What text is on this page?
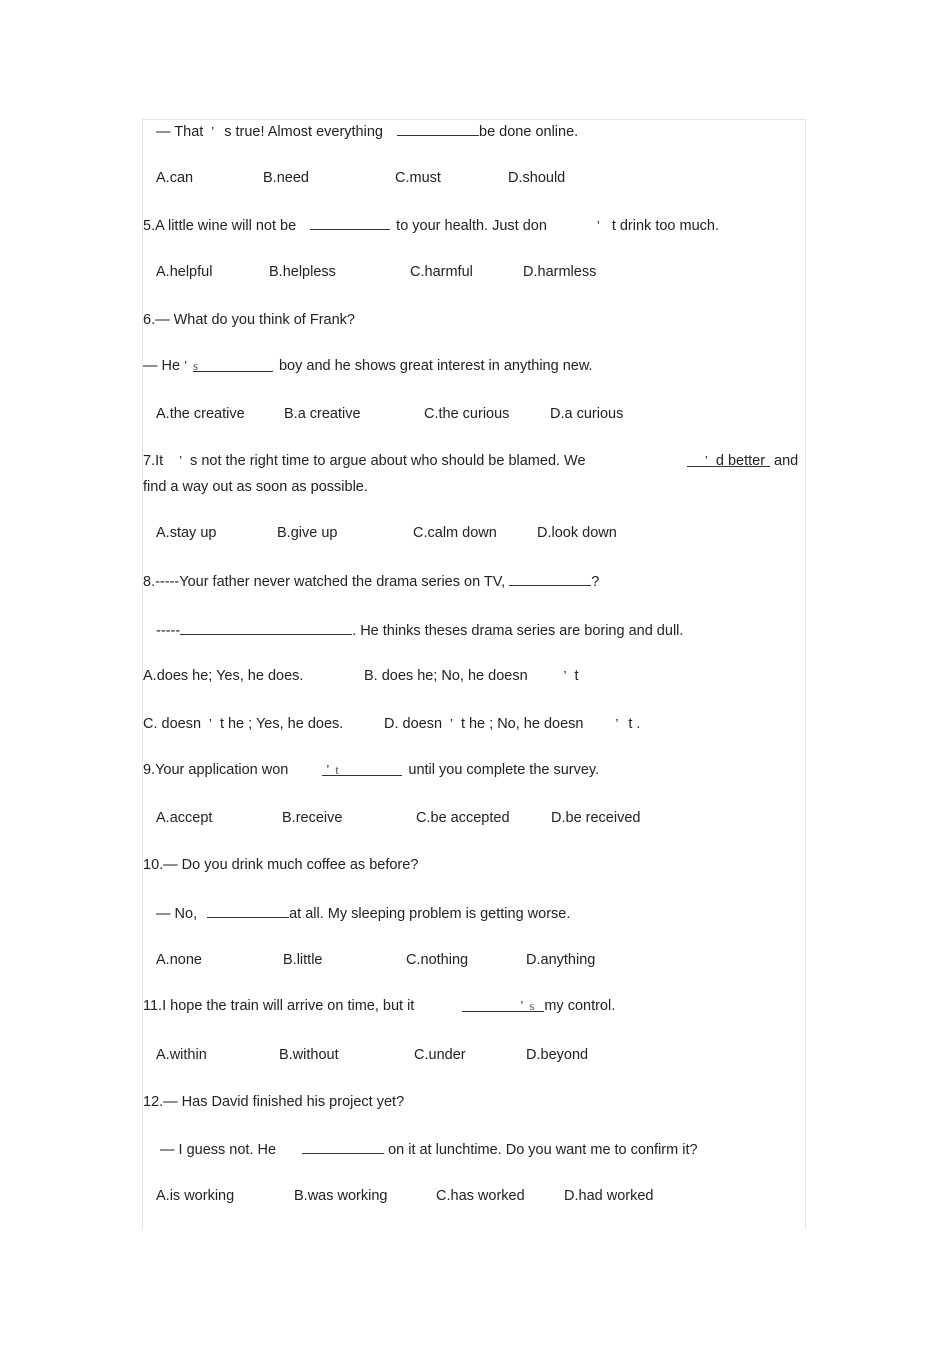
— That ’ s true! Almost everything	be done online.
A.can	B.need	C.must	D.should
5.A little wine will not be	to your health. Just don	’ t drink too much.
A.helpful	B.helpless	C.harmful	D.harmless
6.— What do you think of Frank?
— He ’ s	boy and he shows great interest in anything new.
A.the creative	B.a creative	C.the curious	D.a curious
7.It ’ s not the right time to argue about who should be blamed. We	’ d better and
find a way out as soon as possible.
A.stay up	B.give up	C.calm down	D.look down
8.-----Your father never watched the drama series on TV,	?
-----	. He thinks theses drama series are boring and dull.
A.does he; Yes, he does.	B. does he; No, he doesn	’ t
C. doesn ’ t he ; Yes, he does.	D. doesn ’ t he ; No, he doesn ’ t .
9.Your application won	’ t	until you complete the survey.
A.accept	B.receive	C.be accepted	D.be received
10.— Do you drink much coffee as before?
— No,	at all. My sleeping problem is getting worse.
A.none	B.little	C.nothing	D.anything
11.I hope the train will arrive on time, but it	’ s my control.
A.within	B.without	C.under	D.beyond
12.— Has David finished his project yet?
— I guess not. He	on it at lunchtime. Do you want me to confirm it?
A.is working	B.was working	C.has worked	D.had worked
